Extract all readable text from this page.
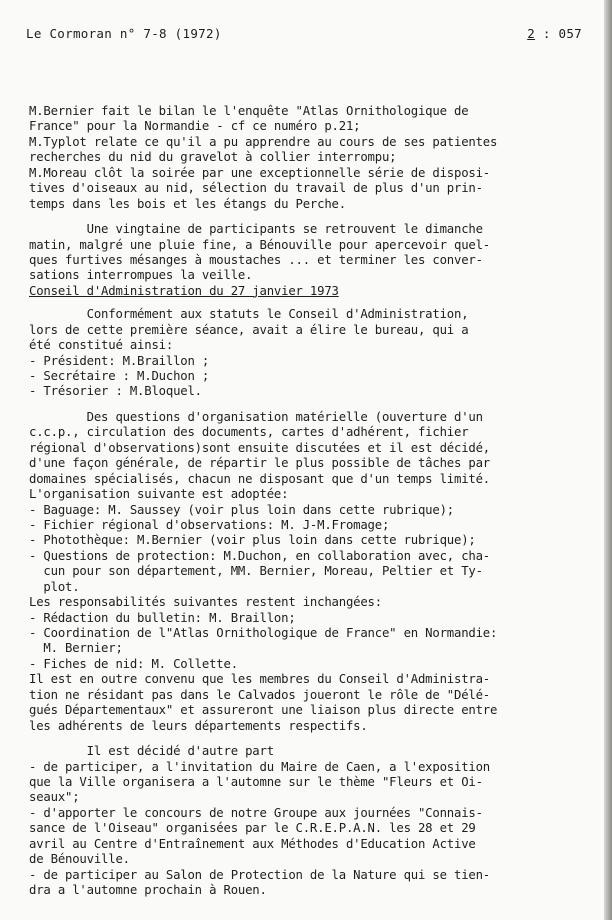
Le Cormoran n° 7-8 (1972)	2 : 057
M.Bernier fait le bilan le l'enquête "Atlas Ornithologique de
France" pour la Normandie - cf ce numéro p.21;
M.Typlot relate ce qu'il a pu apprendre au cours de ses patientes
recherches du nid du gravelot à collier interrompu;
M.Moreau clôt la soirée par une exceptionnelle série de disposi-
tives d'oiseaux au nid, sélection du travail de plus d'un prin-
temps dans les bois et les étangs du Perche.
Une vingtaine de participants se retrouvent le dimanche
matin, malgré une pluie fine, a Bénouville pour apercevoir quel-
ques furtives mésanges à moustaches ... et terminer les conver-
sations interrompues la veille.
Conseil d'Administration du 27 janvier 1973
Conformément aux statuts le Conseil d'Administration,
lors de cette première séance, avait a élire le bureau, qui a
été constitué ainsi:
- Président: M.Braillon ;
- Secrétaire : M.Duchon ;
- Trésorier : M.Bloquel.
Des questions d'organisation matérielle (ouverture d'un
c.c.p., circulation des documents, cartes d'adhérent, fichier
régional d'observations)sont ensuite discutées et il est décidé,
d'une façon générale, de répartir le plus possible de tâches par
domaines spécialisés, chacun ne disposant que d'un temps limité.
L'organisation suivante est adoptée:
- Baguage: M. Saussey (voir plus loin dans cette rubrique);
- Fichier régional d'observations: M. J-M.Fromage;
- Photothèque: M.Bernier (voir plus loin dans cette rubrique);
- Questions de protection: M.Duchon, en collaboration avec, cha-
cun pour son département, MM. Bernier, Moreau, Peltier et Ty-
plot.
Les responsabilités suivantes restent inchangées:
- Rédaction du bulletin: M. Braillon;
- Coordination de l"Atlas Ornithologique de France" en Normandie:
M. Bernier;
- Fiches de nid: M. Collette.
Il est en outre convenu que les membres du Conseil d'Administra-
tion ne résidant pas dans le Calvados joueront le rôle de "Délé-
gués Départementaux" et assureront une liaison plus directe entre
les adhérents de leurs départements respectifs.
Il est décidé d'autre part
- de participer, a l'invitation du Maire de Caen, a l'exposition
que la Ville organisera a l'automne sur le thème "Fleurs et Oi-
seaux";
- d'apporter le concours de notre Groupe aux journées "Connais-
sance de l'Oiseau" organisées par le C.R.E.P.A.N. les 28 et 29
avril au Centre d'Entraînement aux Méthodes d'Education Active
de Bénouville.
- de participer au Salon de Protection de la Nature qui se tien-
dra a l'automne prochain à Rouen.
